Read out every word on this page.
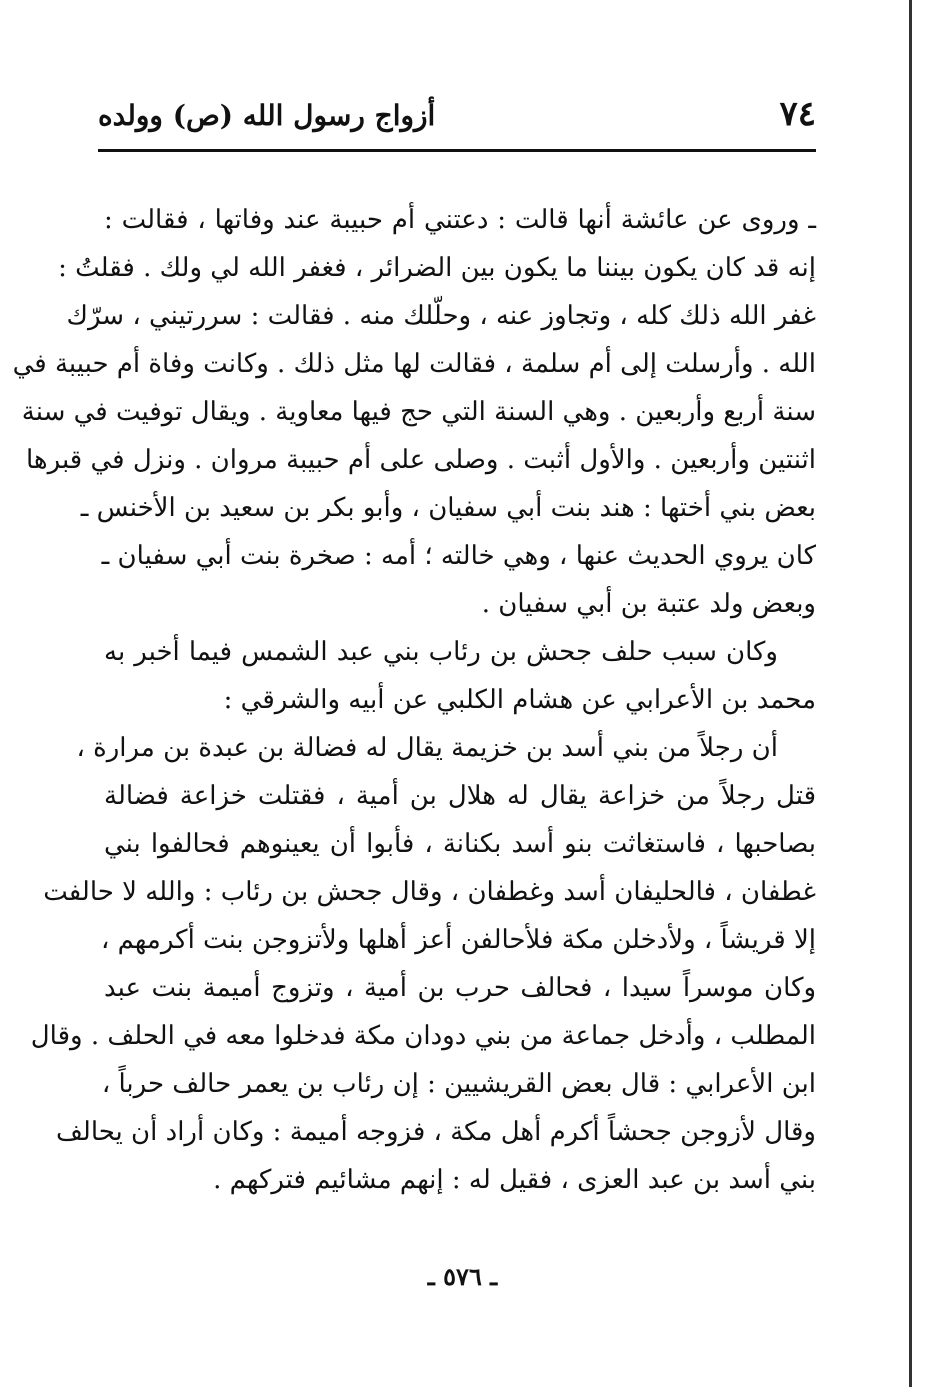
٧٤
أزواج رسول الله (ص) وولده
ـ وروى عن عائشة أنها قالت : دعتني أم حبيبة عند وفاتها ، فقالت :
إنه قد كان يكون بيننا ما يكون بين الضرائر ، فغفر الله لي ولك . فقلتُ :
غفر الله ذلك كله ، وتجاوز عنه ، وحلّلك منه . فقالت : سررتيني ، سرّك
الله . وأرسلت إلى أم سلمة ، فقالت لها مثل ذلك . وكانت وفاة أم حبيبة في
سنة أربع وأربعين . وهي السنة التي حج فيها معاوية . ويقال توفيت في سنة
اثنتين وأربعين . والأول أثبت . وصلى على أم حبيبة مروان . ونزل في قبرها
بعض بني أختها : هند بنت أبي سفيان ، وأبو بكر بن سعيد بن الأخنس ـ
كان يروي الحديث عنها ، وهي خالته ؛ أمه : صخرة بنت أبي سفيان ـ
وبعض ولد عتبة بن أبي سفيان .
وكان سبب حلف جحش بن رئاب بني عبد الشمس فيما أخبر به
محمد بن الأعرابي عن هشام الكلبي عن أبيه والشرقي :
أن رجلاً من بني أسد بن خزيمة يقال له فضالة بن عبدة بن مرارة ،
قتل رجلاً من خزاعة يقال له هلال بن أمية ، فقتلت خزاعة فضالة
بصاحبها ، فاستغاثت بنو أسد بكنانة ، فأبوا أن يعينوهم فحالفوا بني
غطفان ، فالحليفان أسد وغطفان ، وقال جحش بن رئاب : والله لا حالفت
إلا قريشاً ، ولأدخلن مكة فلأحالفن أعز أهلها ولأتزوجن بنت أكرمهم ،
وكان موسراً سيدا ، فحالف حرب بن أمية ، وتزوج أميمة بنت عبد
المطلب ، وأدخل جماعة من بني دودان مكة فدخلوا معه في الحلف . وقال
ابن الأعرابي : قال بعض القريشيين : إن رئاب بن يعمر حالف حرباً ،
وقال لأزوجن جحشاً أكرم أهل مكة ، فزوجه أميمة : وكان أراد أن يحالف
بني أسد بن عبد العزى ، فقيل له : إنهم مشائيم فتركهم .
ـ ٥٧٦ ـ
